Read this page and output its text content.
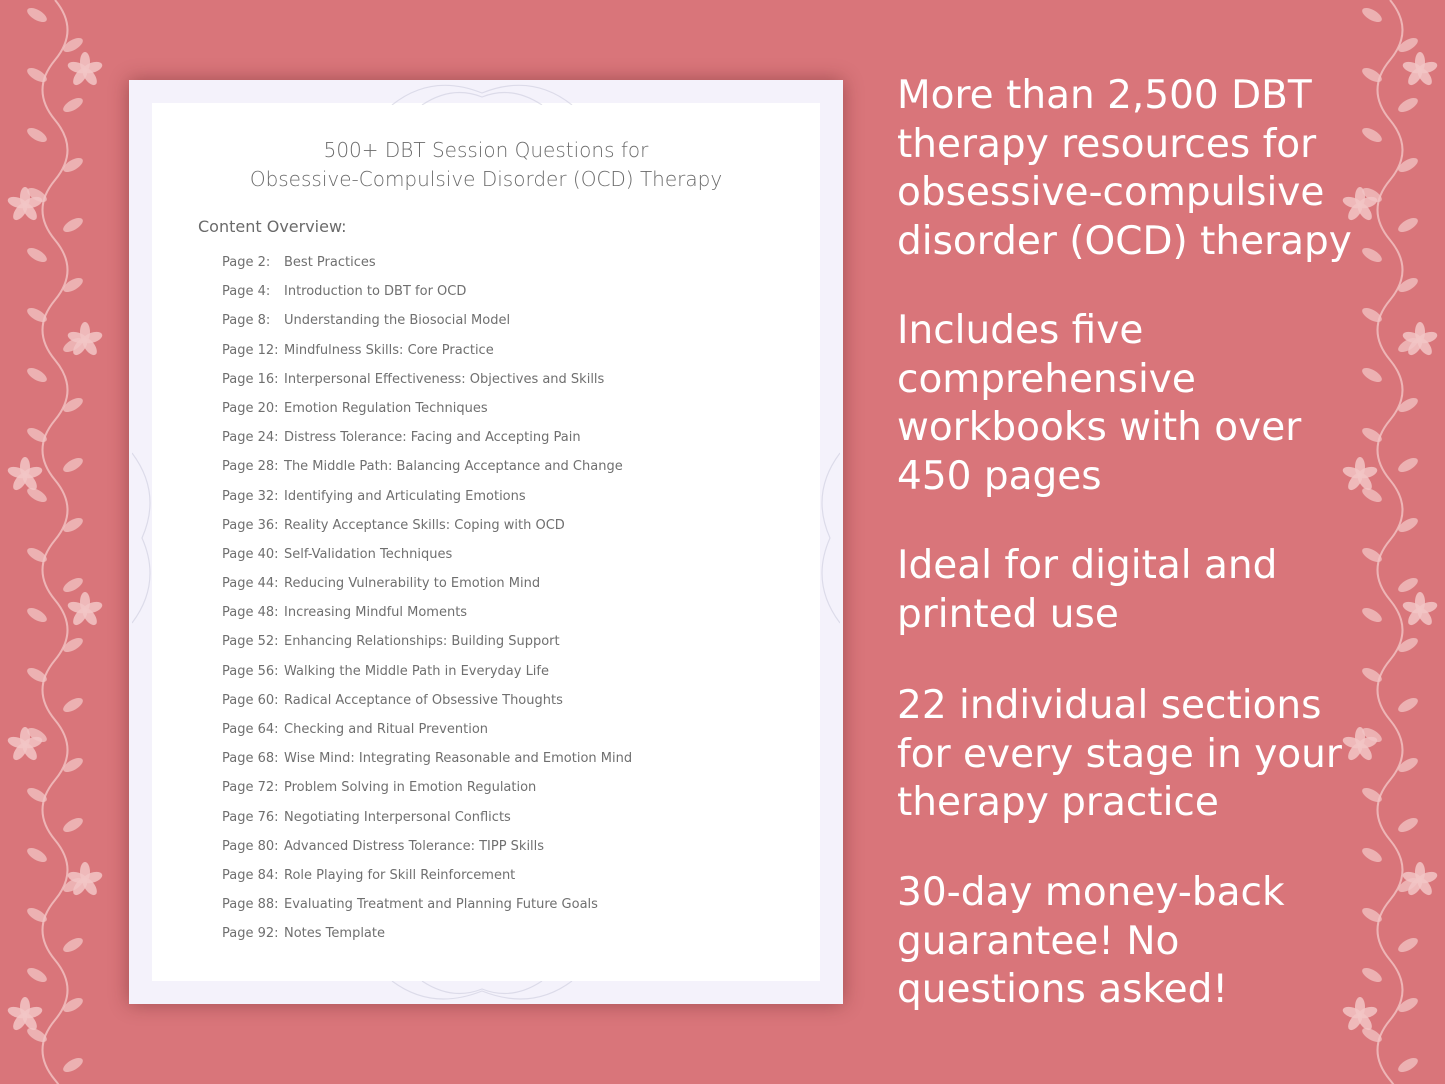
500+ DBT Session Questions for
Obsessive-Compulsive Disorder (OCD) Therapy
Content Overview:
Page 2: Best Practices
Page 4: Introduction to DBT for OCD
Page 8: Understanding the Biosocial Model
Page 12: Mindfulness Skills: Core Practice
Page 16: Interpersonal Effectiveness: Objectives and Skills
Page 20: Emotion Regulation Techniques
Page 24: Distress Tolerance: Facing and Accepting Pain
Page 28: The Middle Path: Balancing Acceptance and Change
Page 32: Identifying and Articulating Emotions
Page 36: Reality Acceptance Skills: Coping with OCD
Page 40: Self-Validation Techniques
Page 44: Reducing Vulnerability to Emotion Mind
Page 48: Increasing Mindful Moments
Page 52: Enhancing Relationships: Building Support
Page 56: Walking the Middle Path in Everyday Life
Page 60: Radical Acceptance of Obsessive Thoughts
Page 64: Checking and Ritual Prevention
Page 68: Wise Mind: Integrating Reasonable and Emotion Mind
Page 72: Problem Solving in Emotion Regulation
Page 76: Negotiating Interpersonal Conflicts
Page 80: Advanced Distress Tolerance: TIPP Skills
Page 84: Role Playing for Skill Reinforcement
Page 88: Evaluating Treatment and Planning Future Goals
Page 92: Notes Template
More than 2,500 DBT
therapy resources for
obsessive-compulsive
disorder (OCD) therapy
Includes five
comprehensive
workbooks with over
450 pages
Ideal for digital and
printed use
22 individual sections
for every stage in your
therapy practice
30-day money-back
guarantee! No
questions asked!
